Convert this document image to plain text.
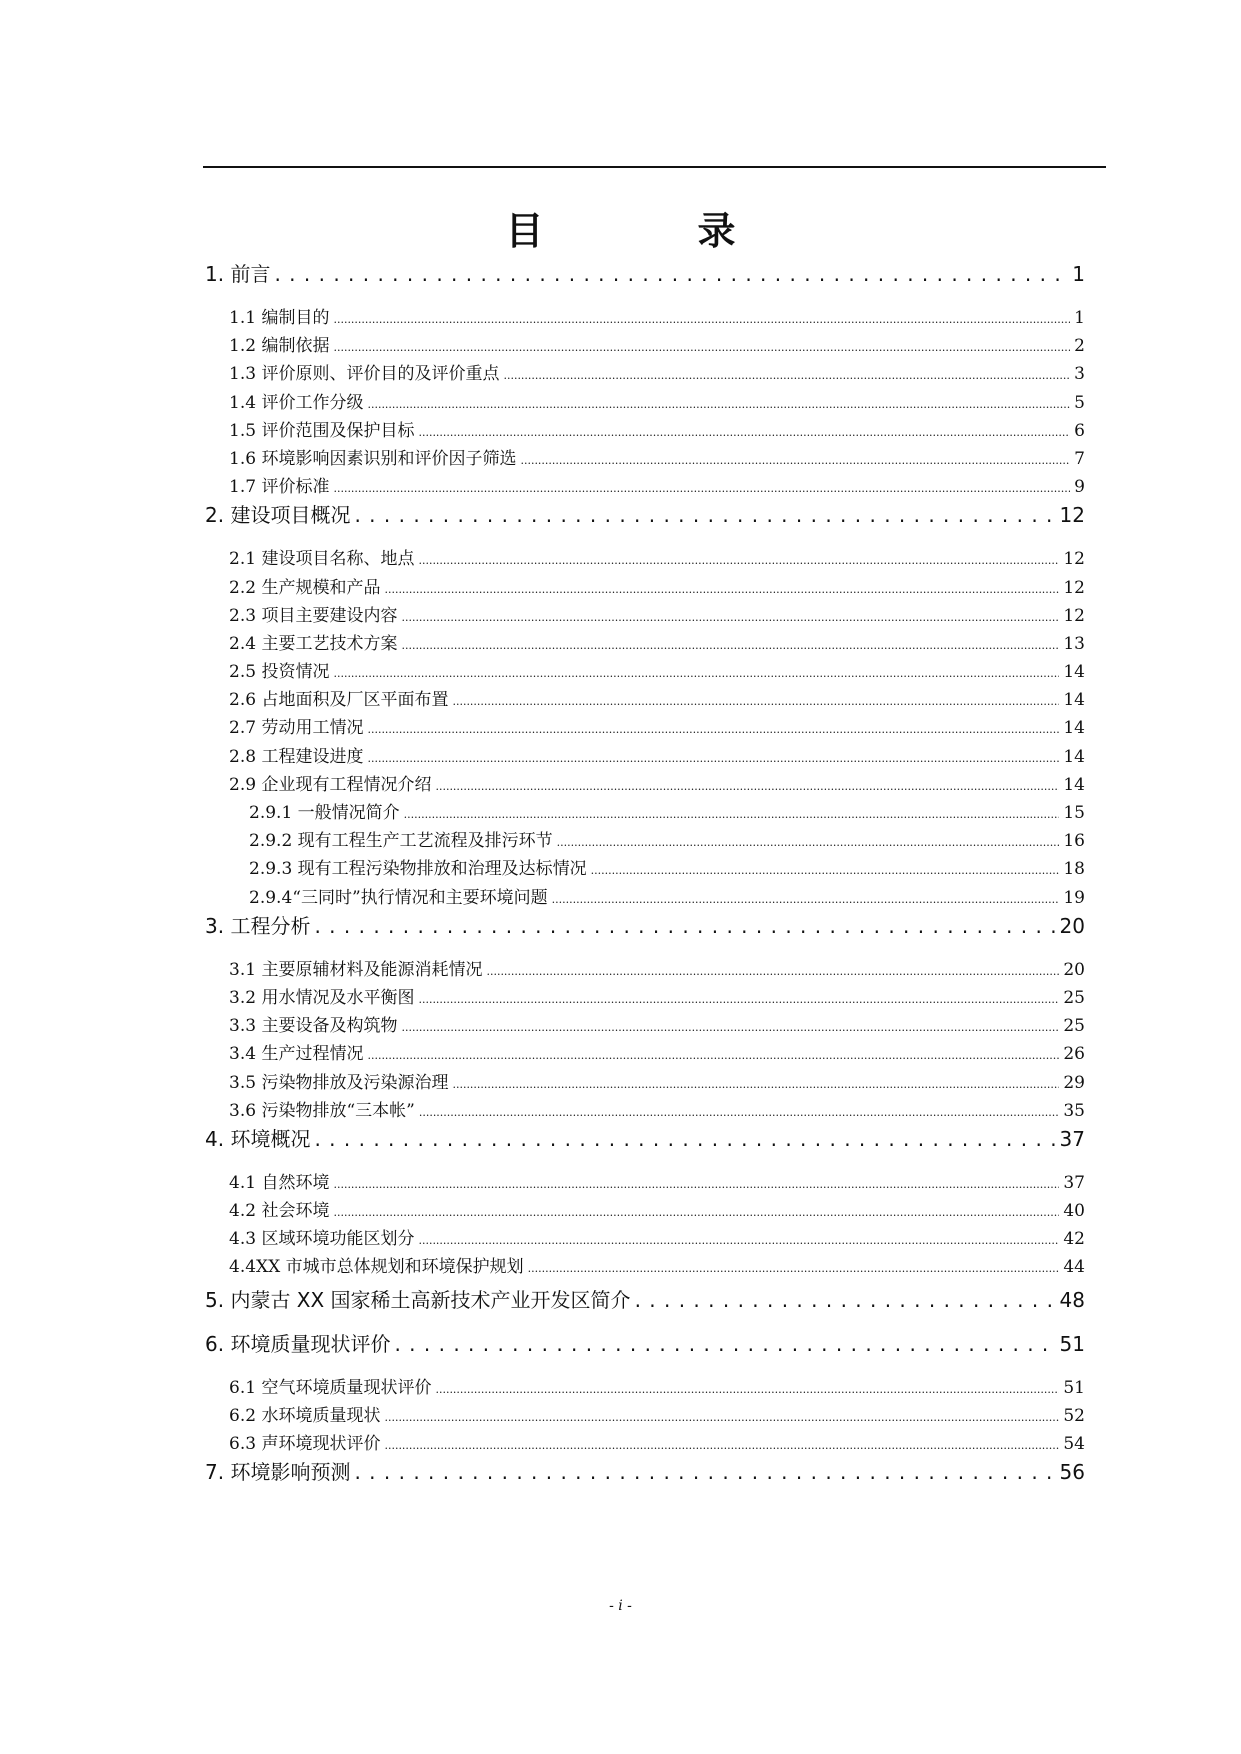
目　录
1. 前言 . . .	1
1.1 编制目的 .....	1
1.2 编制依据 .....	2
1.3 评价原则、评价目的及评价重点 .....	3
1.4 评价工作分级 .....	5
1.5 评价范围及保护目标 .....	6
1.6 环境影响因素识别和评价因子筛选 .....	7
1.7 评价标准 .....	9
2. 建设项目概况 . . .	12
2.1 建设项目名称、地点 .....	12
2.2 生产规模和产品 .....	12
2.3 项目主要建设内容 .....	12
2.4 主要工艺技术方案 .....	13
2.5 投资情况 .....	14
2.6 占地面积及厂区平面布置 .....	14
2.7 劳动用工情况 .....	14
2.8 工程建设进度 .....	14
2.9 企业现有工程情况介绍 .....	14
2.9.1 一般情况简介 .....	15
2.9.2 现有工程生产工艺流程及排污环节 .....	16
2.9.3 现有工程污染物排放和治理及达标情况 .....	18
2.9.4“三同时”执行情况和主要环境问题 .....	19
3. 工程分析 . . .	20
3.1 主要原辅材料及能源消耗情况 .....	20
3.2 用水情况及水平衡图 .....	25
3.3 主要设备及构筑物 .....	25
3.4 生产过程情况 .....	26
3.5 污染物排放及污染源治理 .....	29
3.6 污染物排放“三本帐” .....	35
4. 环境概况 . . .	37
4.1 自然环境 .....	37
4.2 社会环境 .....	40
4.3 区域环境功能区划分 .....	42
4.4XX 市城市总体规划和环境保护规划 .....	44
5. 内蒙古 XX 国家稀土高新技术产业开发区简介 . . .	48
6. 环境质量现状评价 . . .	51
6.1 空气环境质量现状评价 .....	51
6.2 水环境质量现状 .....	52
6.3 声环境现状评价 .....	54
7. 环境影响预测 . . .	56
- i -
